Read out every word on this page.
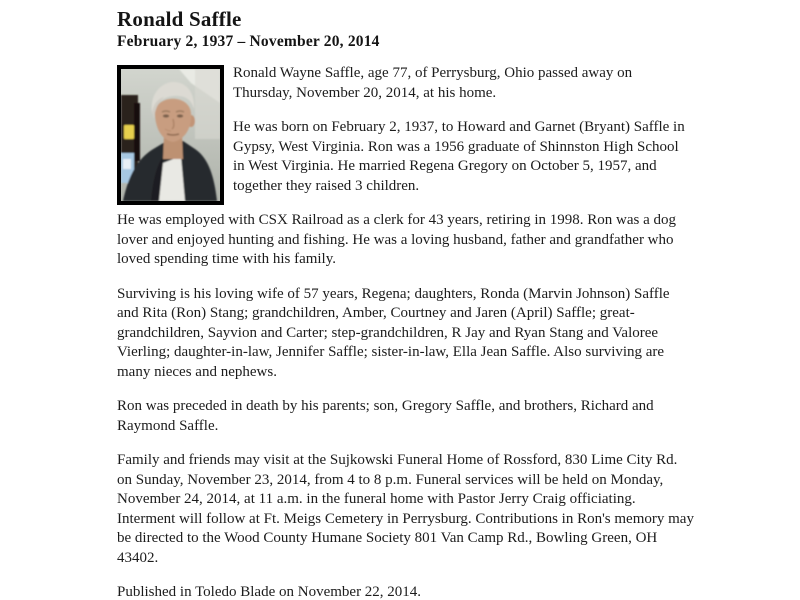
Ronald Saffle
February 2, 1937 – November 20, 2014

Ronald Wayne Saffle, age 77, of Perrysburg, Ohio passed away on Thursday, November 20, 2014, at his home.

He was born on February 2, 1937, to Howard and Garnet (Bryant) Saffle in Gypsy, West Virginia. Ron was a 1956 graduate of Shinnston High School in West Virginia. He married Regena Gregory on October 5, 1957, and together they raised 3 children.

He was employed with CSX Railroad as a clerk for 43 years, retiring in 1998. Ron was a dog lover and enjoyed hunting and fishing. He was a loving husband, father and grandfather who loved spending time with his family.

Surviving is his loving wife of 57 years, Regena; daughters, Ronda (Marvin Johnson) Saffle and Rita (Ron) Stang; grandchildren, Amber, Courtney and Jaren (April) Saffle; great-grandchildren, Sayvion and Carter; step-grandchildren, R Jay and Ryan Stang and Valoree Vierling; daughter-in-law, Jennifer Saffle; sister-in-law, Ella Jean Saffle. Also surviving are many nieces and nephews.

Ron was preceded in death by his parents; son, Gregory Saffle, and brothers, Richard and Raymond Saffle.

Family and friends may visit at the Sujkowski Funeral Home of Rossford, 830 Lime City Rd. on Sunday, November 23, 2014, from 4 to 8 p.m. Funeral services will be held on Monday, November 24, 2014, at 11 a.m. in the funeral home with Pastor Jerry Craig officiating. Interment will follow at Ft. Meigs Cemetery in Perrysburg. Contributions in Ron's memory may be directed to the Wood County Humane Society 801 Van Camp Rd., Bowling Green, OH 43402.

Published in Toledo Blade on November 22, 2014.
